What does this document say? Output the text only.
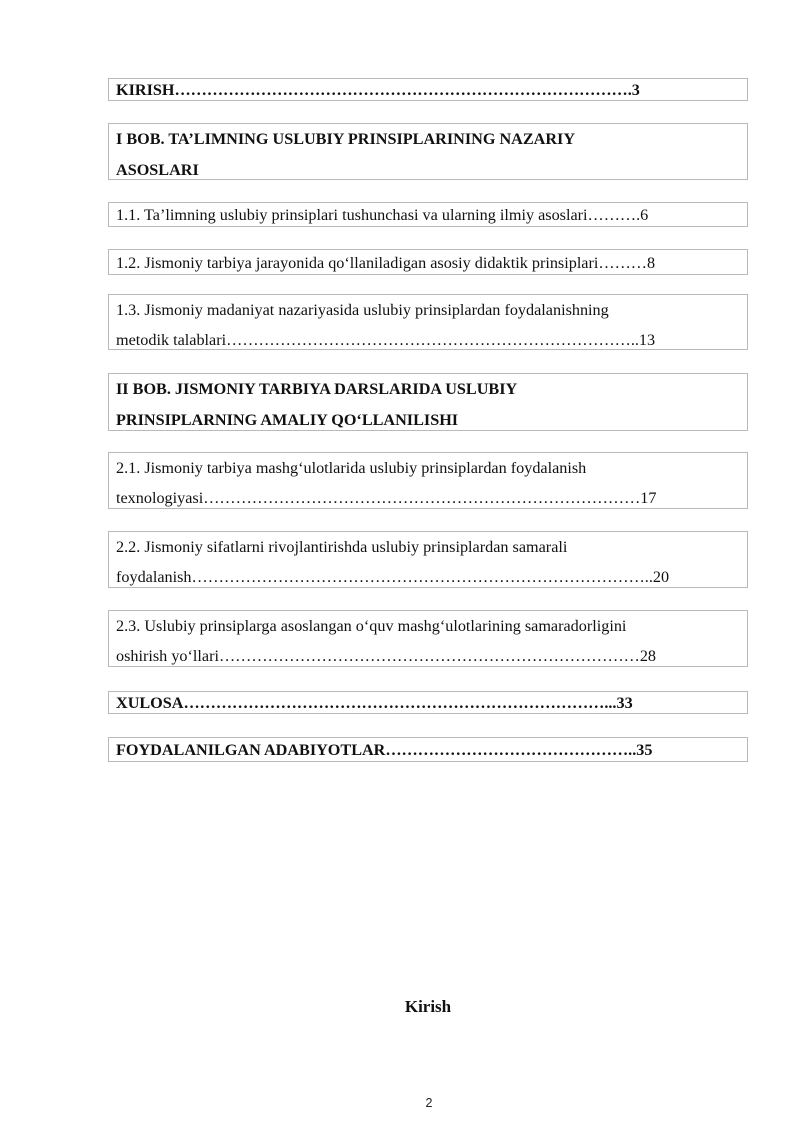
KIRISH………………………………………………………………………….3
I BOB. TA’LIMNING USLUBIY PRINSIPLARINING NAZARIY
ASOSLARI
1.1. Ta’limning uslubiy prinsiplari tushunchasi va ularning ilmiy asoslari……….6
1.2. Jismoniy tarbiya jarayonida qo‘llaniladigan asosiy didaktik prinsiplari………8
1.3. Jismoniy madaniyat nazariyasida uslubiy prinsiplardan foydalanishning
metodik talablari…………………………………………………………………..13
II BOB. JISMONIY TARBIYA DARSLARIDA USLUBIY
PRINSIPLARNING AMALIY QO‘LLANILISHI
2.1. Jismoniy tarbiya mashg‘ulotlarida uslubiy prinsiplardan foydalanish
texnologiyasi………………………………………………………………………17
2.2. Jismoniy sifatlarni rivojlantirishda uslubiy prinsiplardan samarali
foydalanish…………………………………………………………………………..20
2.3. Uslubiy prinsiplarga asoslangan o‘quv mashg‘ulotlarining samaradorligini
oshirish yo‘llari……………………………………………………………………28
XULOSA……………………………………………………………………...33
FOYDALANILGAN ADABIYOTLAR………………………………………..35
Kirish
2
